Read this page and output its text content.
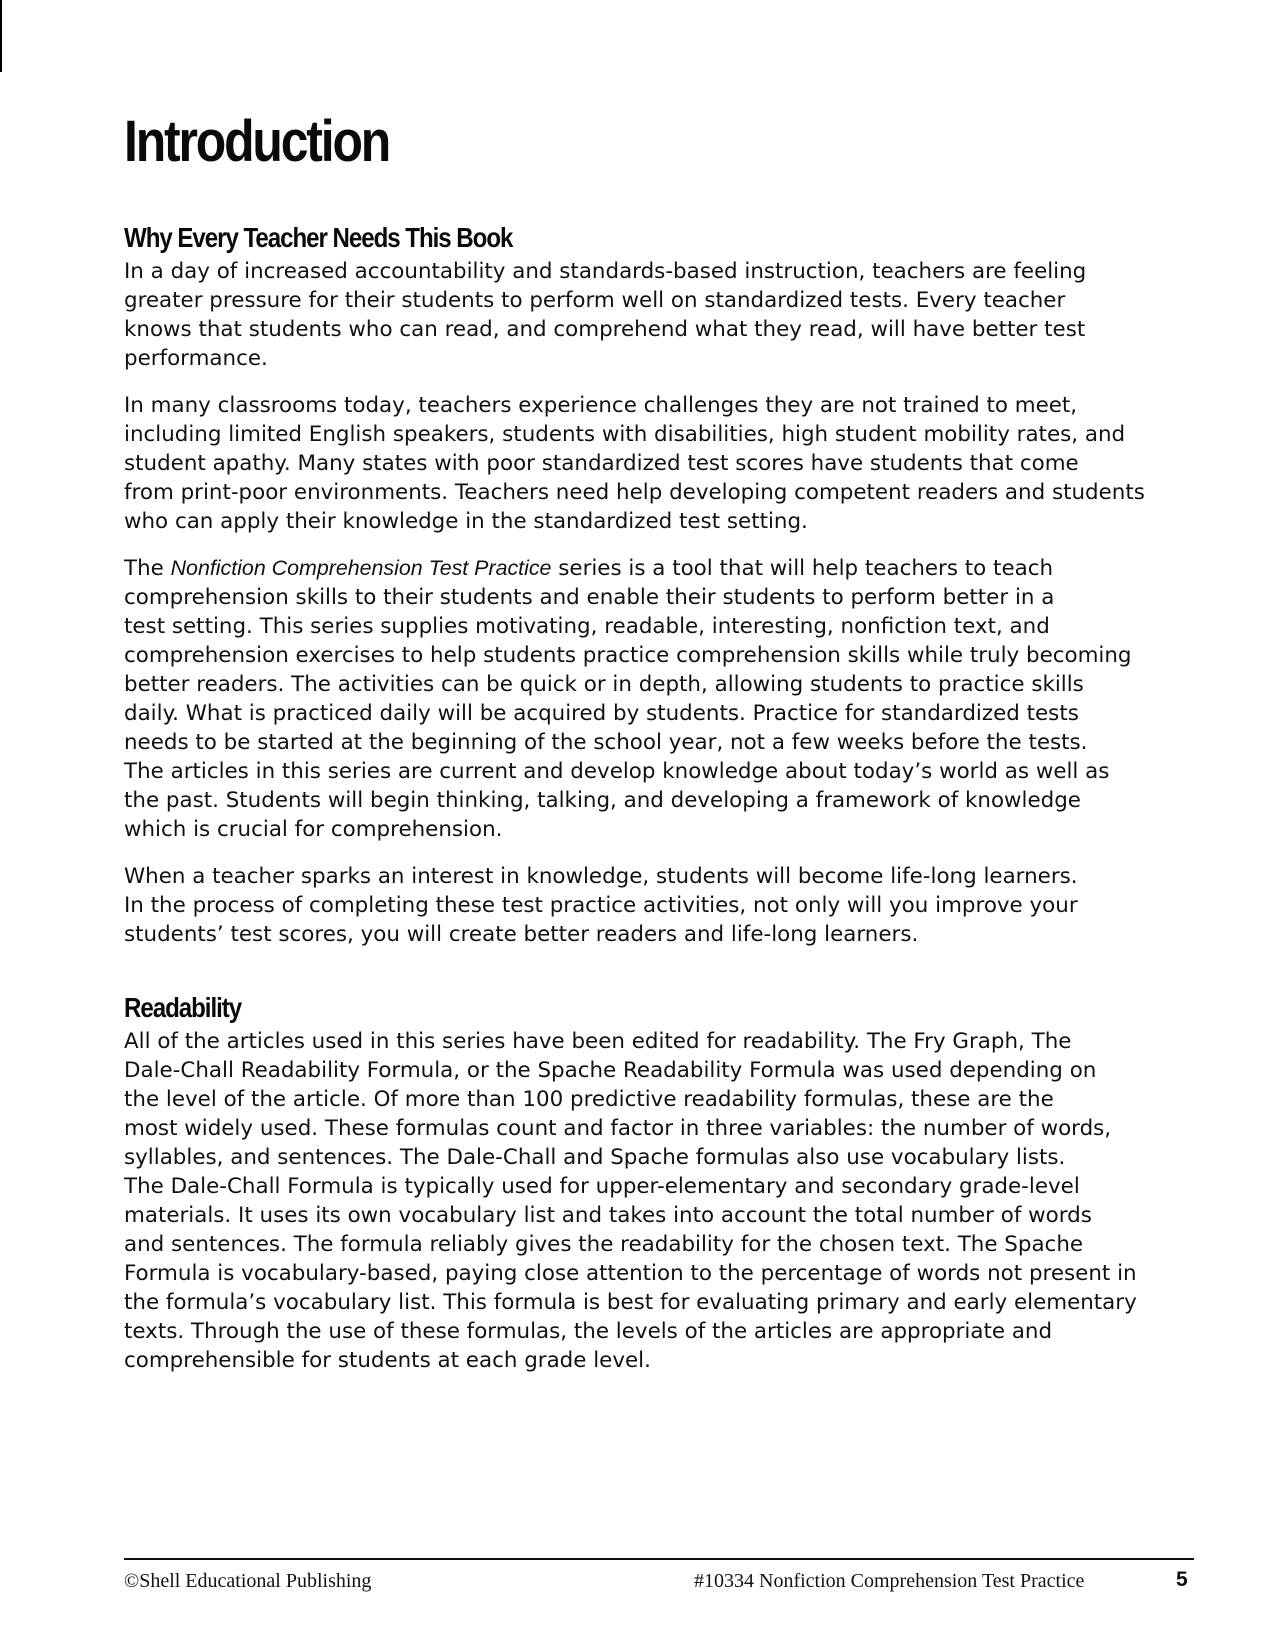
Introduction
Why Every Teacher Needs This Book

In a day of increased accountability and standards-based instruction, teachers are feeling
greater pressure for their students to perform well on standardized tests. Every teacher
knows that students who can read, and comprehend what they read, will have better test
performance.

In many classrooms today, teachers experience challenges they are not trained to meet,
including limited English speakers, students with disabilities, high student mobility rates, and
student apathy. Many states with poor standardized test scores have students that come
from print-poor environments. Teachers need help developing competent readers and students
who can apply their knowledge in the standardized test setting.

The Nonfiction Comprehension Test Practice series is a tool that will help teachers to teach
comprehension skills to their students and enable their students to perform better in a
test setting. This series supplies motivating, readable, interesting, nonfiction text, and
comprehension exercises to help students practice comprehension skills while truly becoming
better readers. The activities can be quick or in depth, allowing students to practice skills
daily. What is practiced daily will be acquired by students. Practice for standardized tests
needs to be started at the beginning of the school year, not a few weeks before the tests.
The articles in this series are current and develop knowledge about today’s world as well as
the past. Students will begin thinking, talking, and developing a framework of knowledge
which is crucial for comprehension.

When a teacher sparks an interest in knowledge, students will become life-long learners.
In the process of completing these test practice activities, not only will you improve your
students’ test scores, you will create better readers and life-long learners.

Readability

All of the articles used in this series have been edited for readability. The Fry Graph, The
Dale-Chall Readability Formula, or the Spache Readability Formula was used depending on
the level of the article. Of more than 100 predictive readability formulas, these are the
most widely used. These formulas count and factor in three variables: the number of words,
syllables, and sentences. The Dale-Chall and Spache formulas also use vocabulary lists.
The Dale-Chall Formula is typically used for upper-elementary and secondary grade-level
materials. It uses its own vocabulary list and takes into account the total number of words
and sentences. The formula reliably gives the readability for the chosen text. The Spache
Formula is vocabulary-based, paying close attention to the percentage of words not present in
the formula’s vocabulary list. This formula is best for evaluating primary and early elementary
texts. Through the use of these formulas, the levels of the articles are appropriate and
comprehensible for students at each grade level.

©Shell Educational Publishing	#10334 Nonfiction Comprehension Test Practice	5
